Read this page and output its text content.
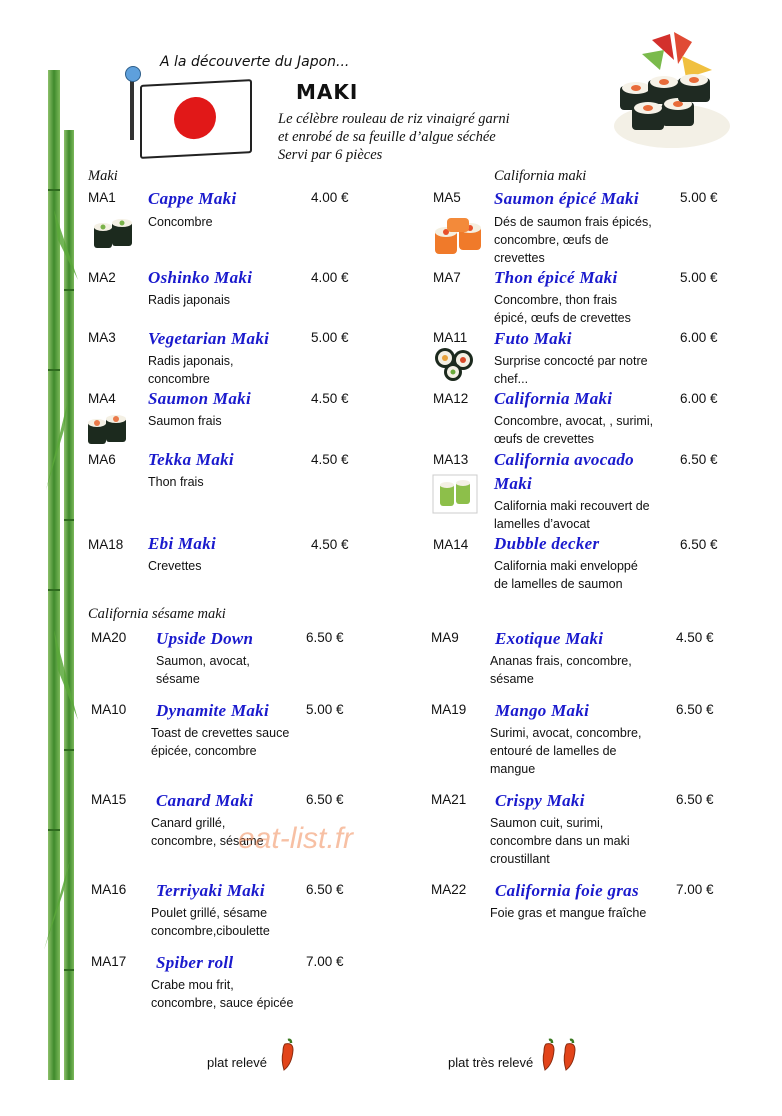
A la découverte du Japon...
MAKI
Le célèbre rouleau de riz vinaigré garni
et enrobé de sa feuille d’algue séchée
Servi par 6 pièces
Maki	California maki
California sésame maki
MA1 Cappe Maki
Concombre
4.00 €
MA2 Oshinko Maki
Radis japonais
4.00 €
MA3 Vegetarian Maki
Radis japonais,
concombre
5.00 €
MA4 Saumon Maki
Saumon frais
4.50 €
MA6 Tekka Maki
Thon frais
4.50 €
MA18 Ebi Maki
Crevettes
4.50 €
MA5 Saumon épicé Maki
Dés de saumon frais épicés,
concombre, œufs de
crevettes
5.00 €
MA7 Thon épicé Maki
Concombre, thon frais
épicé, œufs de crevettes
5.00 €
MA11 Futo Maki
Surprise concocté par notre
chef...
6.00 €
MA12 California Maki
Concombre, avocat, , surimi,
œufs de crevettes
6.00 €
MA13 California avocado
Maki
California maki recouvert de
lamelles d’avocat
6.50 €
MA14 Dubble decker
California maki enveloppé
de lamelles de saumon
6.50 €
MA20 Upside Down
Saumon, avocat,
sésame
6.50 €
MA10 Dynamite Maki
Toast de crevettes sauce
épicée, concombre
5.00 €
MA15 Canard Maki
Canard grillé,
concombre, sésame
6.50 €
MA16 Terriyaki Maki
Poulet grillé, sésame
concombre,ciboulette
6.50 €
MA17 Spiber roll
Crabe mou frit,
concombre, sauce épicée
7.00 €
MA9 Exotique Maki
Ananas frais, concombre,
sésame
4.50 €
MA19 Mango Maki
Surimi, avocat, concombre,
entouré de lamelles de
mangue
6.50 €
MA21 Crispy Maki
Saumon cuit, surimi,
concombre dans un maki
croustillant
6.50 €
MA22 California foie gras
Foie gras et mangue fraîche
7.00 €
eat-list.fr
plat relevé	plat très relevé
